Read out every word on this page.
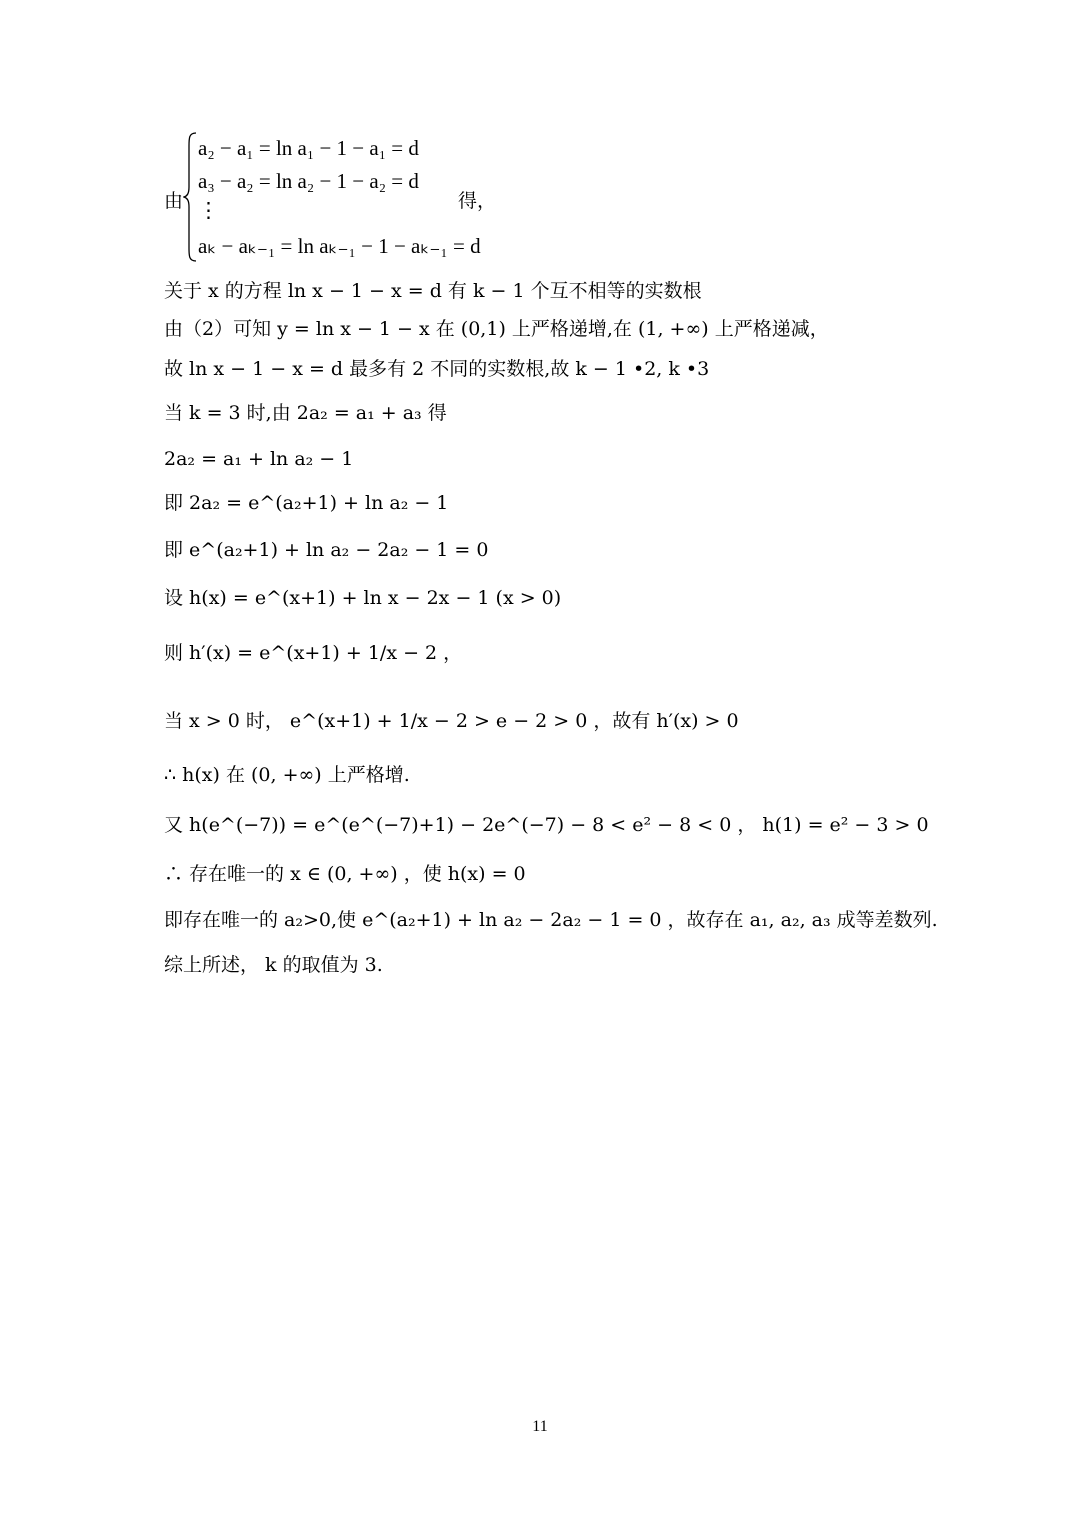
由
a₂ − a₁ = ln a₁ − 1 − a₁ = d
a₃ − a₂ = ln a₂ − 1 − a₂ = d
⋮
aₖ − aₖ₋₁ = ln aₖ₋₁ − 1 − aₖ₋₁ = d
得，
关于 x 的方程 ln x − 1 − x = d 有 k − 1 个互不相等的实数根
由（2）可知 y = ln x − 1 − x 在 (0,1) 上严格递增,在 (1, +∞) 上严格递减，
故 ln x − 1 − x = d 最多有 2 不同的实数根,故 k − 1 •2, k •3
当 k = 3 时,由 2a₂ = a₁ + a₃ 得
2a₂ = a₁ + ln a₂ − 1
即 2a₂ = e^(a₂+1) + ln a₂ − 1
即 e^(a₂+1) + ln a₂ − 2a₂ − 1 = 0
设 h(x) = e^(x+1) + ln x − 2x − 1 (x > 0)
则 h′(x) = e^(x+1) + 1/x − 2 ，
当 x > 0 时， e^(x+1) + 1/x − 2 > e − 2 > 0 ，故有 h′(x) > 0
∴ h(x) 在 (0, +∞) 上严格增.
又 h(e^(−7)) = e^(e^(−7)+1) − 2e^(−7) − 8 < e² − 8 < 0 ， h(1) = e² − 3 > 0
∴ 存在唯一的 x ∈ (0, +∞) ，使 h(x) = 0
即存在唯一的 a₂>0,使 e^(a₂+1) + ln a₂ − 2a₂ − 1 = 0 ，故存在 a₁, a₂, a₃ 成等差数列.
综上所述， k 的取值为 3.
11
